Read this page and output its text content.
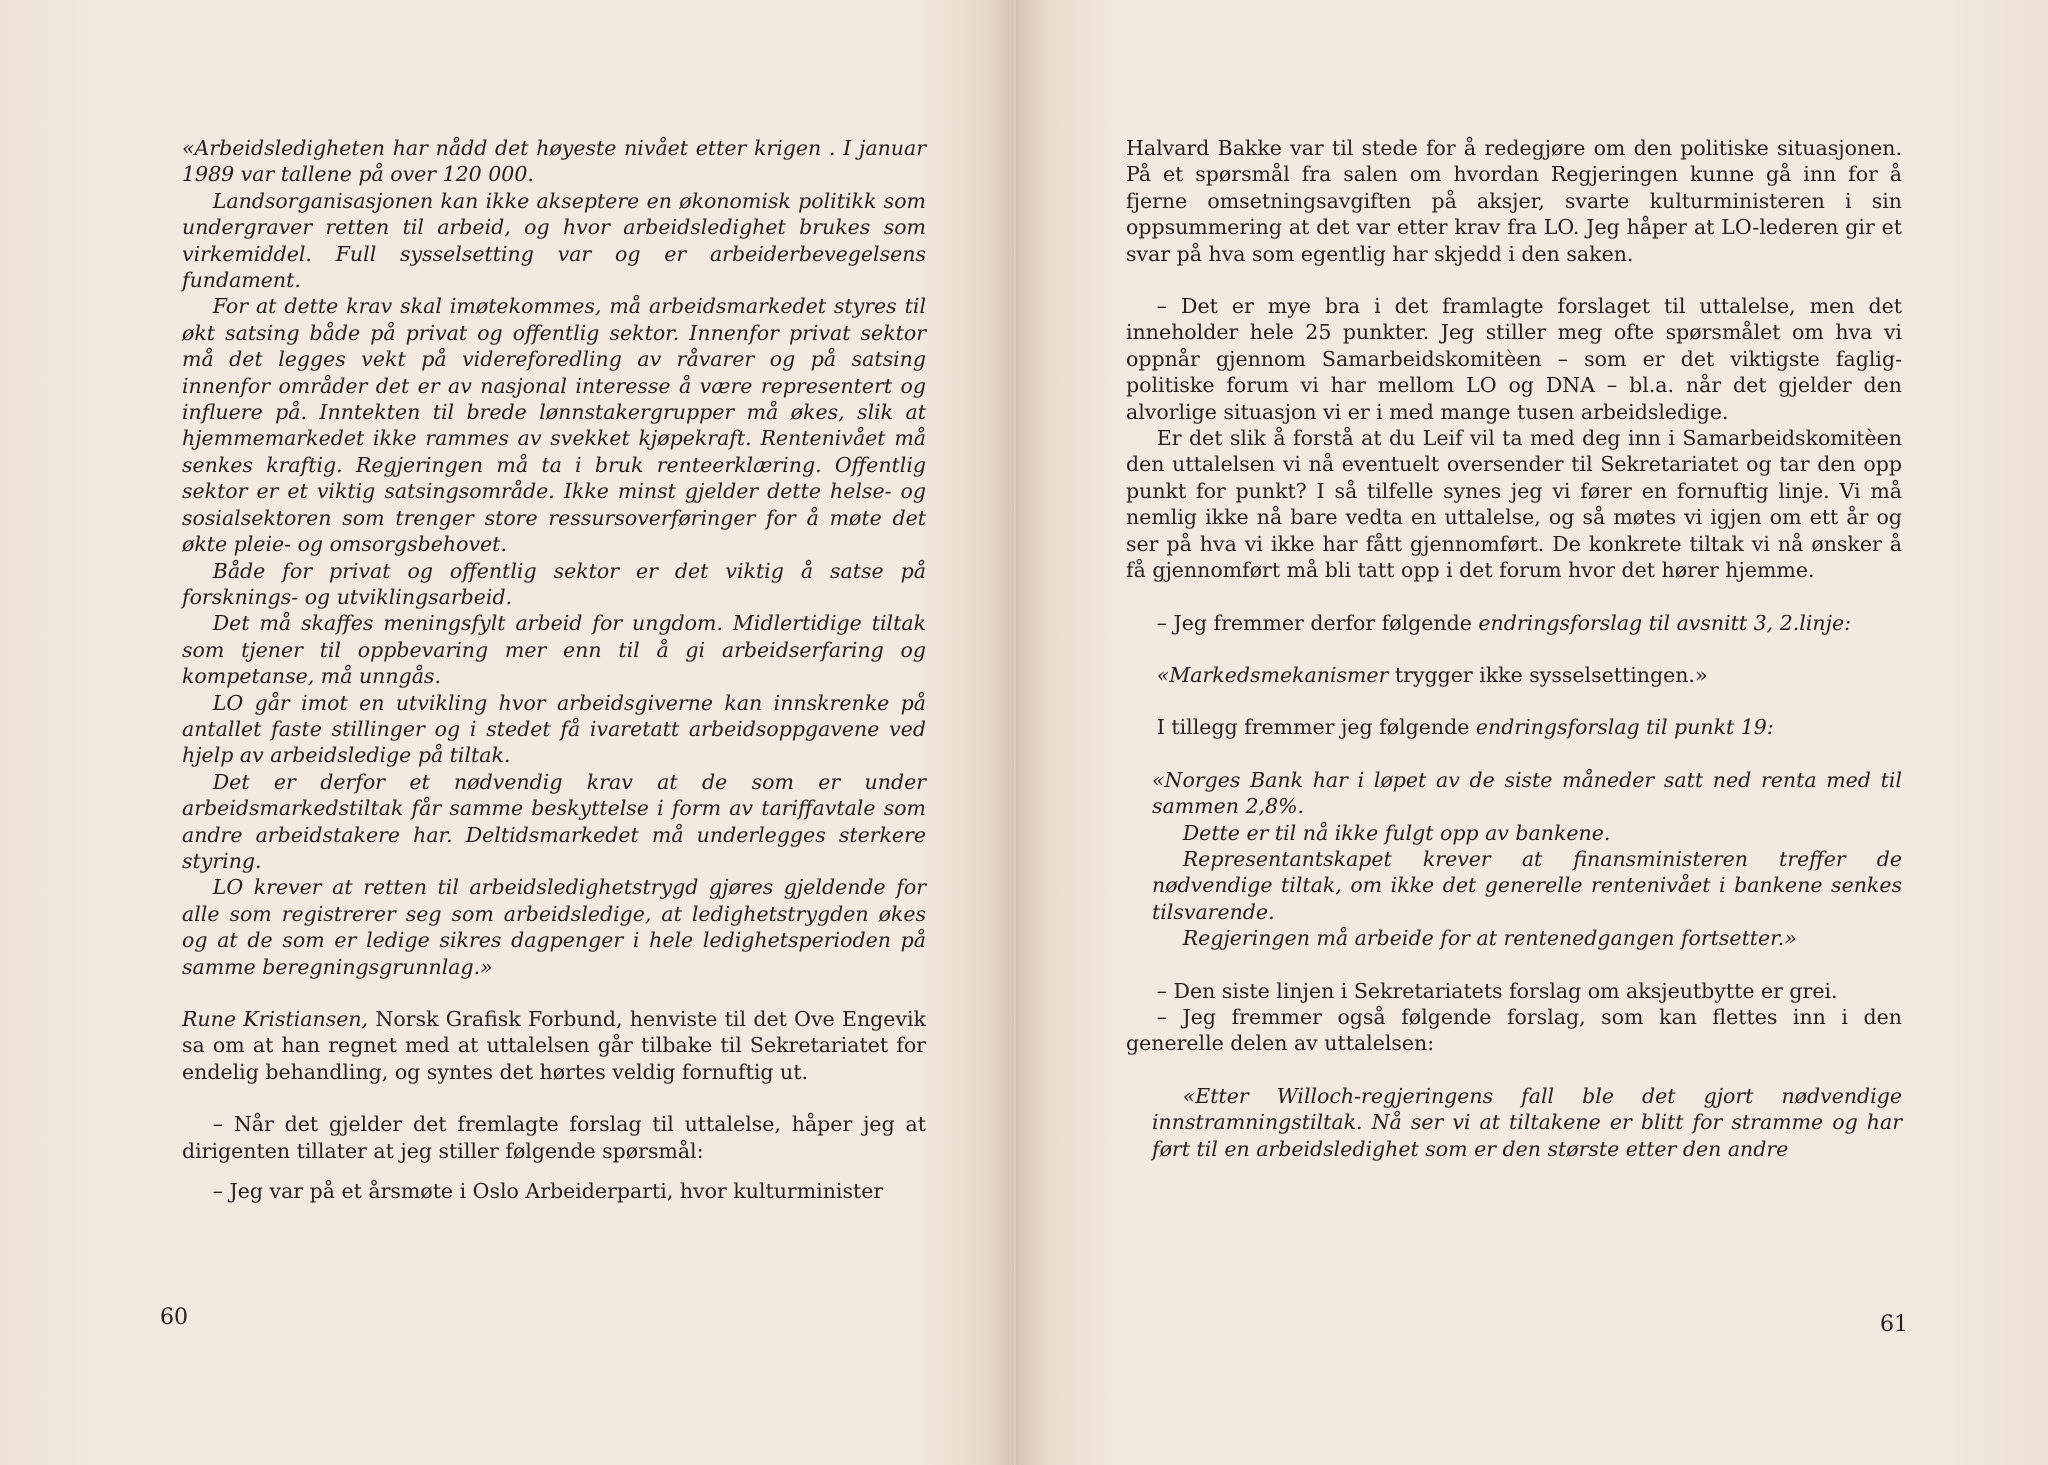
«Arbeidsledigheten har nådd det høyeste nivået etter krigen . I januar 1989 var tallene på over 120 000.

Landsorganisasjonen kan ikke akseptere en økonomisk politikk som undergraver retten til arbeid, og hvor arbeidsledighet brukes som virkemiddel. Full sysselsetting var og er arbeiderbevegelsens fundament.

For at dette krav skal imøtekommes, må arbeidsmarkedet styres til økt satsing både på privat og offentlig sektor. Innenfor privat sektor må det legges vekt på videreforedling av råvarer og på satsing innenfor områder det er av nasjonal interesse å være representert og influere på. Inntekten til brede lønnstakergrupper må økes, slik at hjemmemarkedet ikke rammes av svekket kjøpekraft. Rentenivået må senkes kraftig. Regjeringen må ta i bruk renteerklæring. Offentlig sektor er et viktig satsingsområde. Ikke minst gjelder dette helse- og sosialsektoren som trenger store ressursoverføringer for å møte det økte pleie- og omsorgsbehovet.

Både for privat og offentlig sektor er det viktig å satse på forsknings- og utviklingsarbeid.

Det må skaffes meningsfylt arbeid for ungdom. Midlertidige tiltak som tjener til oppbevaring mer enn til å gi arbeidserfaring og kompetanse, må unngås.

LO går imot en utvikling hvor arbeidsgiverne kan innskrenke på antallet faste stillinger og i stedet få ivaretatt arbeidsoppgavene ved hjelp av arbeidsledige på tiltak.

Det er derfor et nødvendig krav at de som er under arbeidsmarkedstiltak får samme beskyttelse i form av tariffavtale som andre arbeidstakere har. Deltidsmarkedet må underlegges sterkere styring.

LO krever at retten til arbeidsledighetstrygd gjøres gjeldende for alle som registrerer seg som arbeidsledige, at ledighetstrygden økes og at de som er ledige sikres dagpenger i hele ledighetsperioden på samme beregningsgrunnlag.»

Rune Kristiansen, Norsk Grafisk Forbund, henviste til det Ove Engevik sa om at han regnet med at uttalelsen går tilbake til Sekretariatet for endelig behandling, og syntes det hørtes veldig fornuftig ut.

– Når det gjelder det fremlagte forslag til uttalelse, håper jeg at dirigenten tillater at jeg stiller følgende spørsmål:

– Jeg var på et årsmøte i Oslo Arbeiderparti, hvor kulturminister

60

Halvard Bakke var til stede for å redegjøre om den politiske situasjonen. På et spørsmål fra salen om hvordan Regjeringen kunne gå inn for å fjerne omsetningsavgiften på aksjer, svarte kulturministeren i sin oppsummering at det var etter krav fra LO. Jeg håper at LO-lederen gir et svar på hva som egentlig har skjedd i den saken.

– Det er mye bra i det framlagte forslaget til uttalelse, men det inneholder hele 25 punkter. Jeg stiller meg ofte spørsmålet om hva vi oppnår gjennom Samarbeidskomitèen – som er det viktigste faglig-politiske forum vi har mellom LO og DNA – bl.a. når det gjelder den alvorlige situasjon vi er i med mange tusen arbeidsledige.

Er det slik å forstå at du Leif vil ta med deg inn i Samarbeidskomitèen den uttalelsen vi nå eventuelt oversender til Sekretariatet og tar den opp punkt for punkt? I så tilfelle synes jeg vi fører en fornuftig linje. Vi må nemlig ikke nå bare vedta en uttalelse, og så møtes vi igjen om ett år og ser på hva vi ikke har fått gjennomført. De konkrete tiltak vi nå ønsker å få gjennomført må bli tatt opp i det forum hvor det hører hjemme.

– Jeg fremmer derfor følgende endringsforslag til avsnitt 3, 2.linje:

«Markedsmekanismer trygger ikke sysselsettingen.»

I tillegg fremmer jeg følgende endringsforslag til punkt 19:

«Norges Bank har i løpet av de siste måneder satt ned renta med til sammen 2,8%.

Dette er til nå ikke fulgt opp av bankene.

Representantskapet krever at finansministeren treffer de nødvendige tiltak, om ikke det generelle rentenivået i bankene senkes tilsvarende.

Regjeringen må arbeide for at rentenedgangen fortsetter.»

– Den siste linjen i Sekretariatets forslag om aksjeutbytte er grei.

– Jeg fremmer også følgende forslag, som kan flettes inn i den generelle delen av uttalelsen:

«Etter Willoch-regjeringens fall ble det gjort nødvendige innstramningstiltak. Nå ser vi at tiltakene er blitt for stramme og har ført til en arbeidsledighet som er den største etter den andre

61
